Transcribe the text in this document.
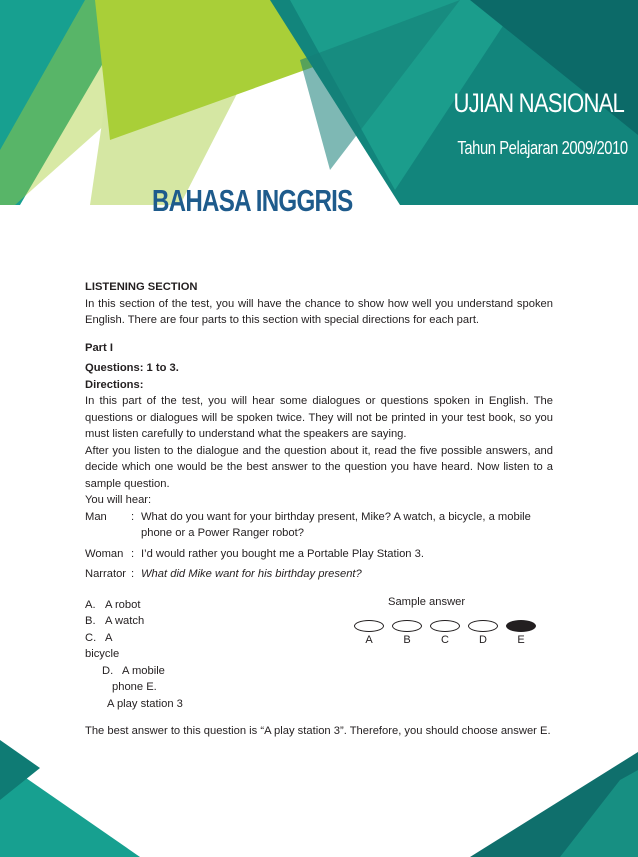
UJIAN NASIONAL
Tahun Pelajaran 2009/2010
BAHASA INGGRIS

LISTENING SECTION

In this section of the test, you will have the chance to show how well you understand spoken English. There are four parts to this section with special directions for each part.

Part I

Questions: 1 to 3.

Directions:

In this part of the test, you will hear some dialogues or questions spoken in English. The questions or dialogues will be spoken twice. They will not be printed in your test book, so you must listen carefully to understand what the speakers are saying.

After you listen to the dialogue and the question about it, read the five possible answers, and decide which one would be the best answer to the question you have heard. Now listen to a sample question.

You will hear:

Man	: What do you want for your birthday present, Mike? A watch, a bicycle, a mobile phone or a Power Ranger robot?
Woman : I’d would rather you bought me a Portable Play Station 3.
Narrator : What did Mike want for his birthday present?

A. A robot

B. A watch

C. A

bicycle

D. A mobile

phone E.

A play station 3

The best answer to this question is “A play station 3”. Therefore, you should choose answer E.

Sample answer
A	B	C	D	E
